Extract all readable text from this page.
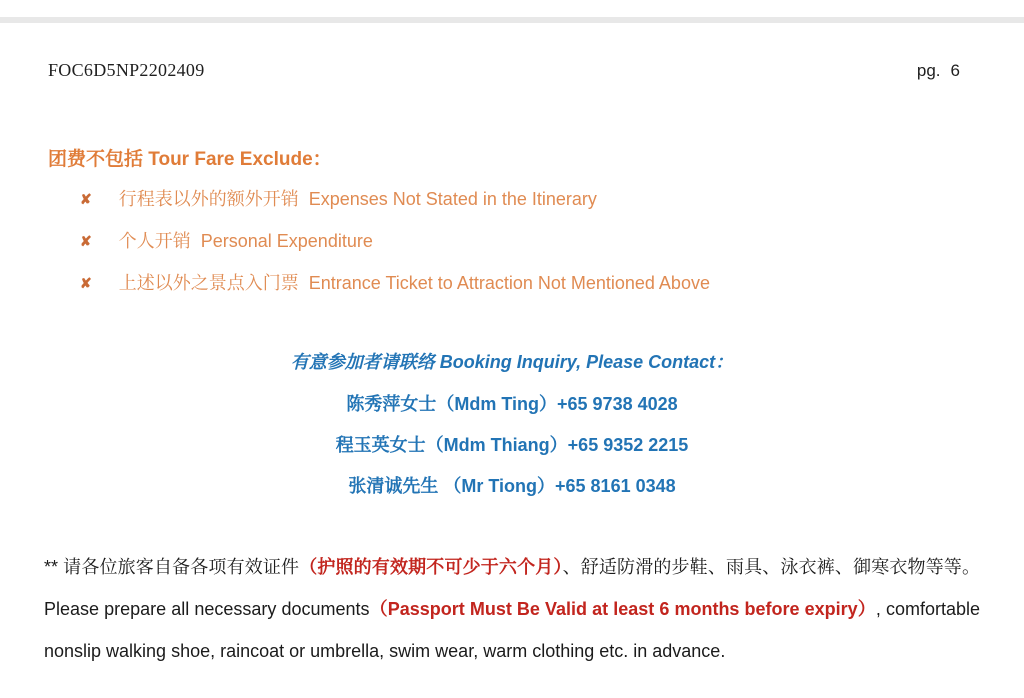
FOC6D5NP2202409	pg. 6
团费不包括 Tour Fare Exclude：
✘ 行程表以外的额外开销  Expenses Not Stated in the Itinerary
✘ 个人开销  Personal Expenditure
✘ 上述以外之景点入门票  Entrance Ticket to Attraction Not Mentioned Above
有意参加者请联络 Booking Inquiry, Please Contact：
陈秀萍女士（Mdm Ting）+65 9738 4028
程玉英女士（Mdm Thiang）+65 9352 2215
张清诚先生 （Mr Tiong）+65 8161 0348

** 请各位旅客自备各项有效证件（护照的有效期不可少于六个月）、舒适防滑的步鞋、雨具、泳衣裤、御寒衣物等等。Please prepare all necessary documents（Passport Must Be Valid at least 6 months before expiry）, comfortable nonslip walking shoe, raincoat or umbrella, swim wear, warm clothing etc. in advance.
